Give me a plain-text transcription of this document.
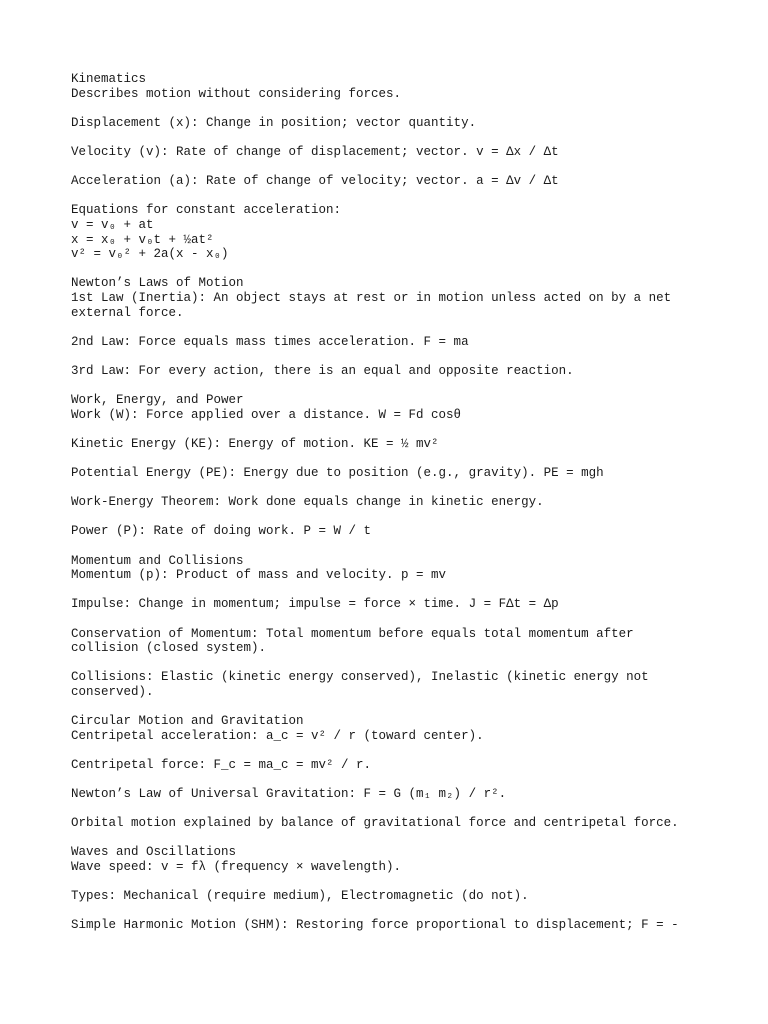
Kinematics
Describes motion without considering forces.
Displacement (x): Change in position; vector quantity.
Velocity (v): Rate of change of displacement; vector. v = Δx / Δt
Acceleration (a): Rate of change of velocity; vector. a = Δv / Δt
Equations for constant acceleration:
v = v₀ + at
x = x₀ + v₀t + ½at²
v² = v₀² + 2a(x - x₀)
Newton’s Laws of Motion
1st Law (Inertia): An object stays at rest or in motion unless acted on by a net
external force.
2nd Law: Force equals mass times acceleration. F = ma
3rd Law: For every action, there is an equal and opposite reaction.
Work, Energy, and Power
Work (W): Force applied over a distance. W = Fd cosθ
Kinetic Energy (KE): Energy of motion. KE = ½ mv²
Potential Energy (PE): Energy due to position (e.g., gravity). PE = mgh
Work-Energy Theorem: Work done equals change in kinetic energy.
Power (P): Rate of doing work. P = W / t
Momentum and Collisions
Momentum (p): Product of mass and velocity. p = mv
Impulse: Change in momentum; impulse = force × time. J = FΔt = Δp
Conservation of Momentum: Total momentum before equals total momentum after
collision (closed system).
Collisions: Elastic (kinetic energy conserved), Inelastic (kinetic energy not
conserved).
Circular Motion and Gravitation
Centripetal acceleration: a_c = v² / r (toward center).
Centripetal force: F_c = ma_c = mv² / r.
Newton’s Law of Universal Gravitation: F = G (m₁ m₂) / r².
Orbital motion explained by balance of gravitational force and centripetal force.
Waves and Oscillations
Wave speed: v = fλ (frequency × wavelength).
Types: Mechanical (require medium), Electromagnetic (do not).
Simple Harmonic Motion (SHM): Restoring force proportional to displacement; F = -
